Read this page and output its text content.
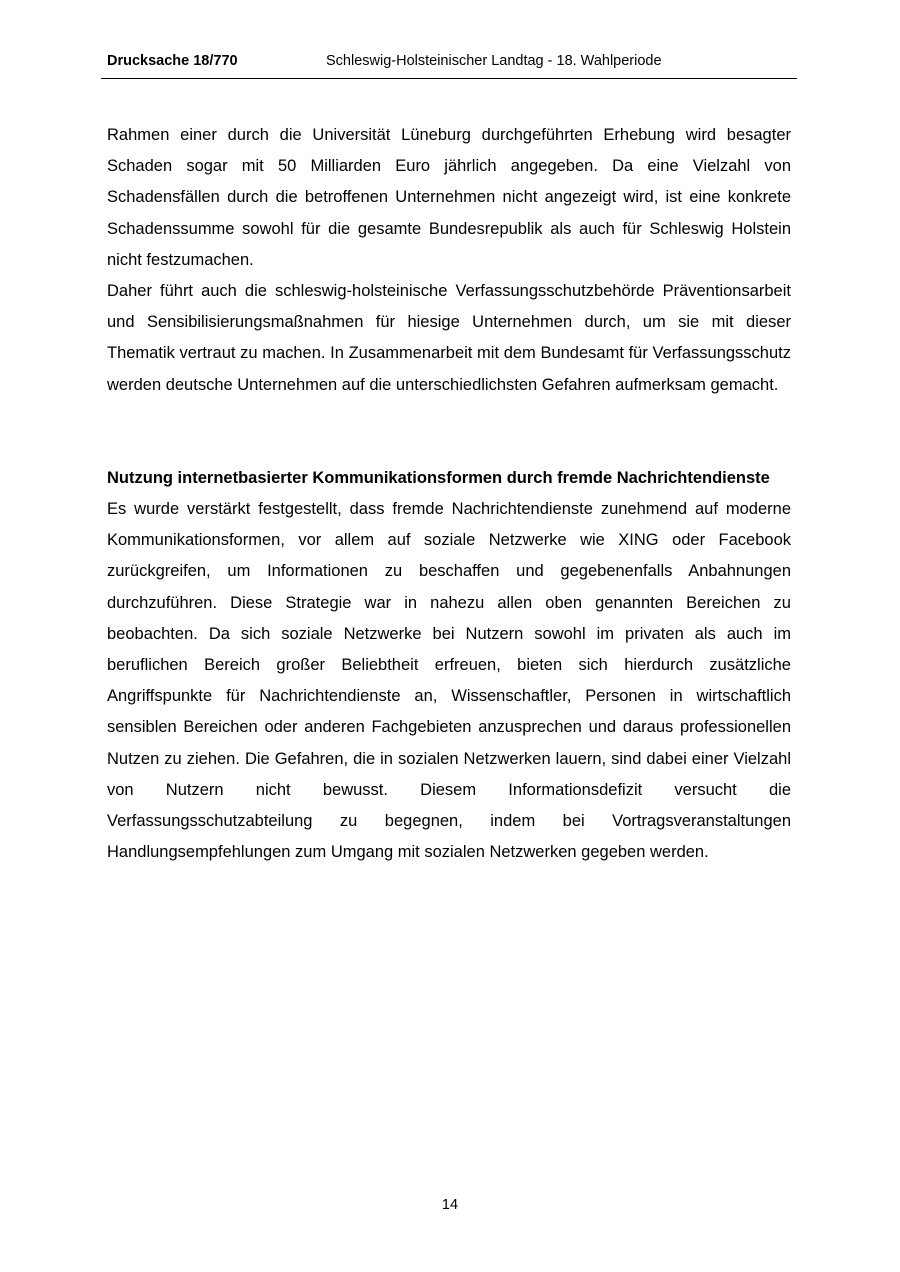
Drucksache 18/770	Schleswig-Holsteinischer Landtag - 18. Wahlperiode

Rahmen einer durch die Universität Lüneburg durchgeführten Erhebung wird besagter Schaden sogar mit 50 Milliarden Euro jährlich angegeben. Da eine Vielzahl von Schadensfällen durch die betroffenen Unternehmen nicht angezeigt wird, ist eine konkrete Schadenssumme sowohl für die gesamte Bundesrepublik als auch für Schleswig Holstein nicht festzumachen.

Daher führt auch die schleswig-holsteinische Verfassungsschutzbehörde Präventionsarbeit und Sensibilisierungsmaßnahmen für hiesige Unternehmen durch, um sie mit dieser Thematik vertraut zu machen. In Zusammenarbeit mit dem Bundesamt für Verfassungsschutz werden deutsche Unternehmen auf die unterschiedlichsten Gefahren aufmerksam gemacht.

Nutzung internetbasierter Kommunikationsformen durch fremde Nachrichtendienste

Es wurde verstärkt festgestellt, dass fremde Nachrichtendienste zunehmend auf moderne Kommunikationsformen, vor allem auf soziale Netzwerke wie XING oder Facebook zurückgreifen, um Informationen zu beschaffen und gegebenenfalls Anbahnungen durchzuführen. Diese Strategie war in nahezu allen oben genannten Bereichen zu beobachten. Da sich soziale Netzwerke bei Nutzern sowohl im privaten als auch im beruflichen Bereich großer Beliebtheit erfreuen, bieten sich hierdurch zusätzliche Angriffspunkte für Nachrichtendienste an, Wissenschaftler, Personen in wirtschaftlich sensiblen Bereichen oder anderen Fachgebieten anzusprechen und daraus professionellen Nutzen zu ziehen. Die Gefahren, die in sozialen Netzwerken lauern, sind dabei einer Vielzahl von Nutzern nicht bewusst. Diesem Informationsdefizit versucht die Verfassungsschutzabteilung zu begegnen, indem bei Vortragsveranstaltungen Handlungsempfehlungen zum Umgang mit sozialen Netzwerken gegeben werden.

14
